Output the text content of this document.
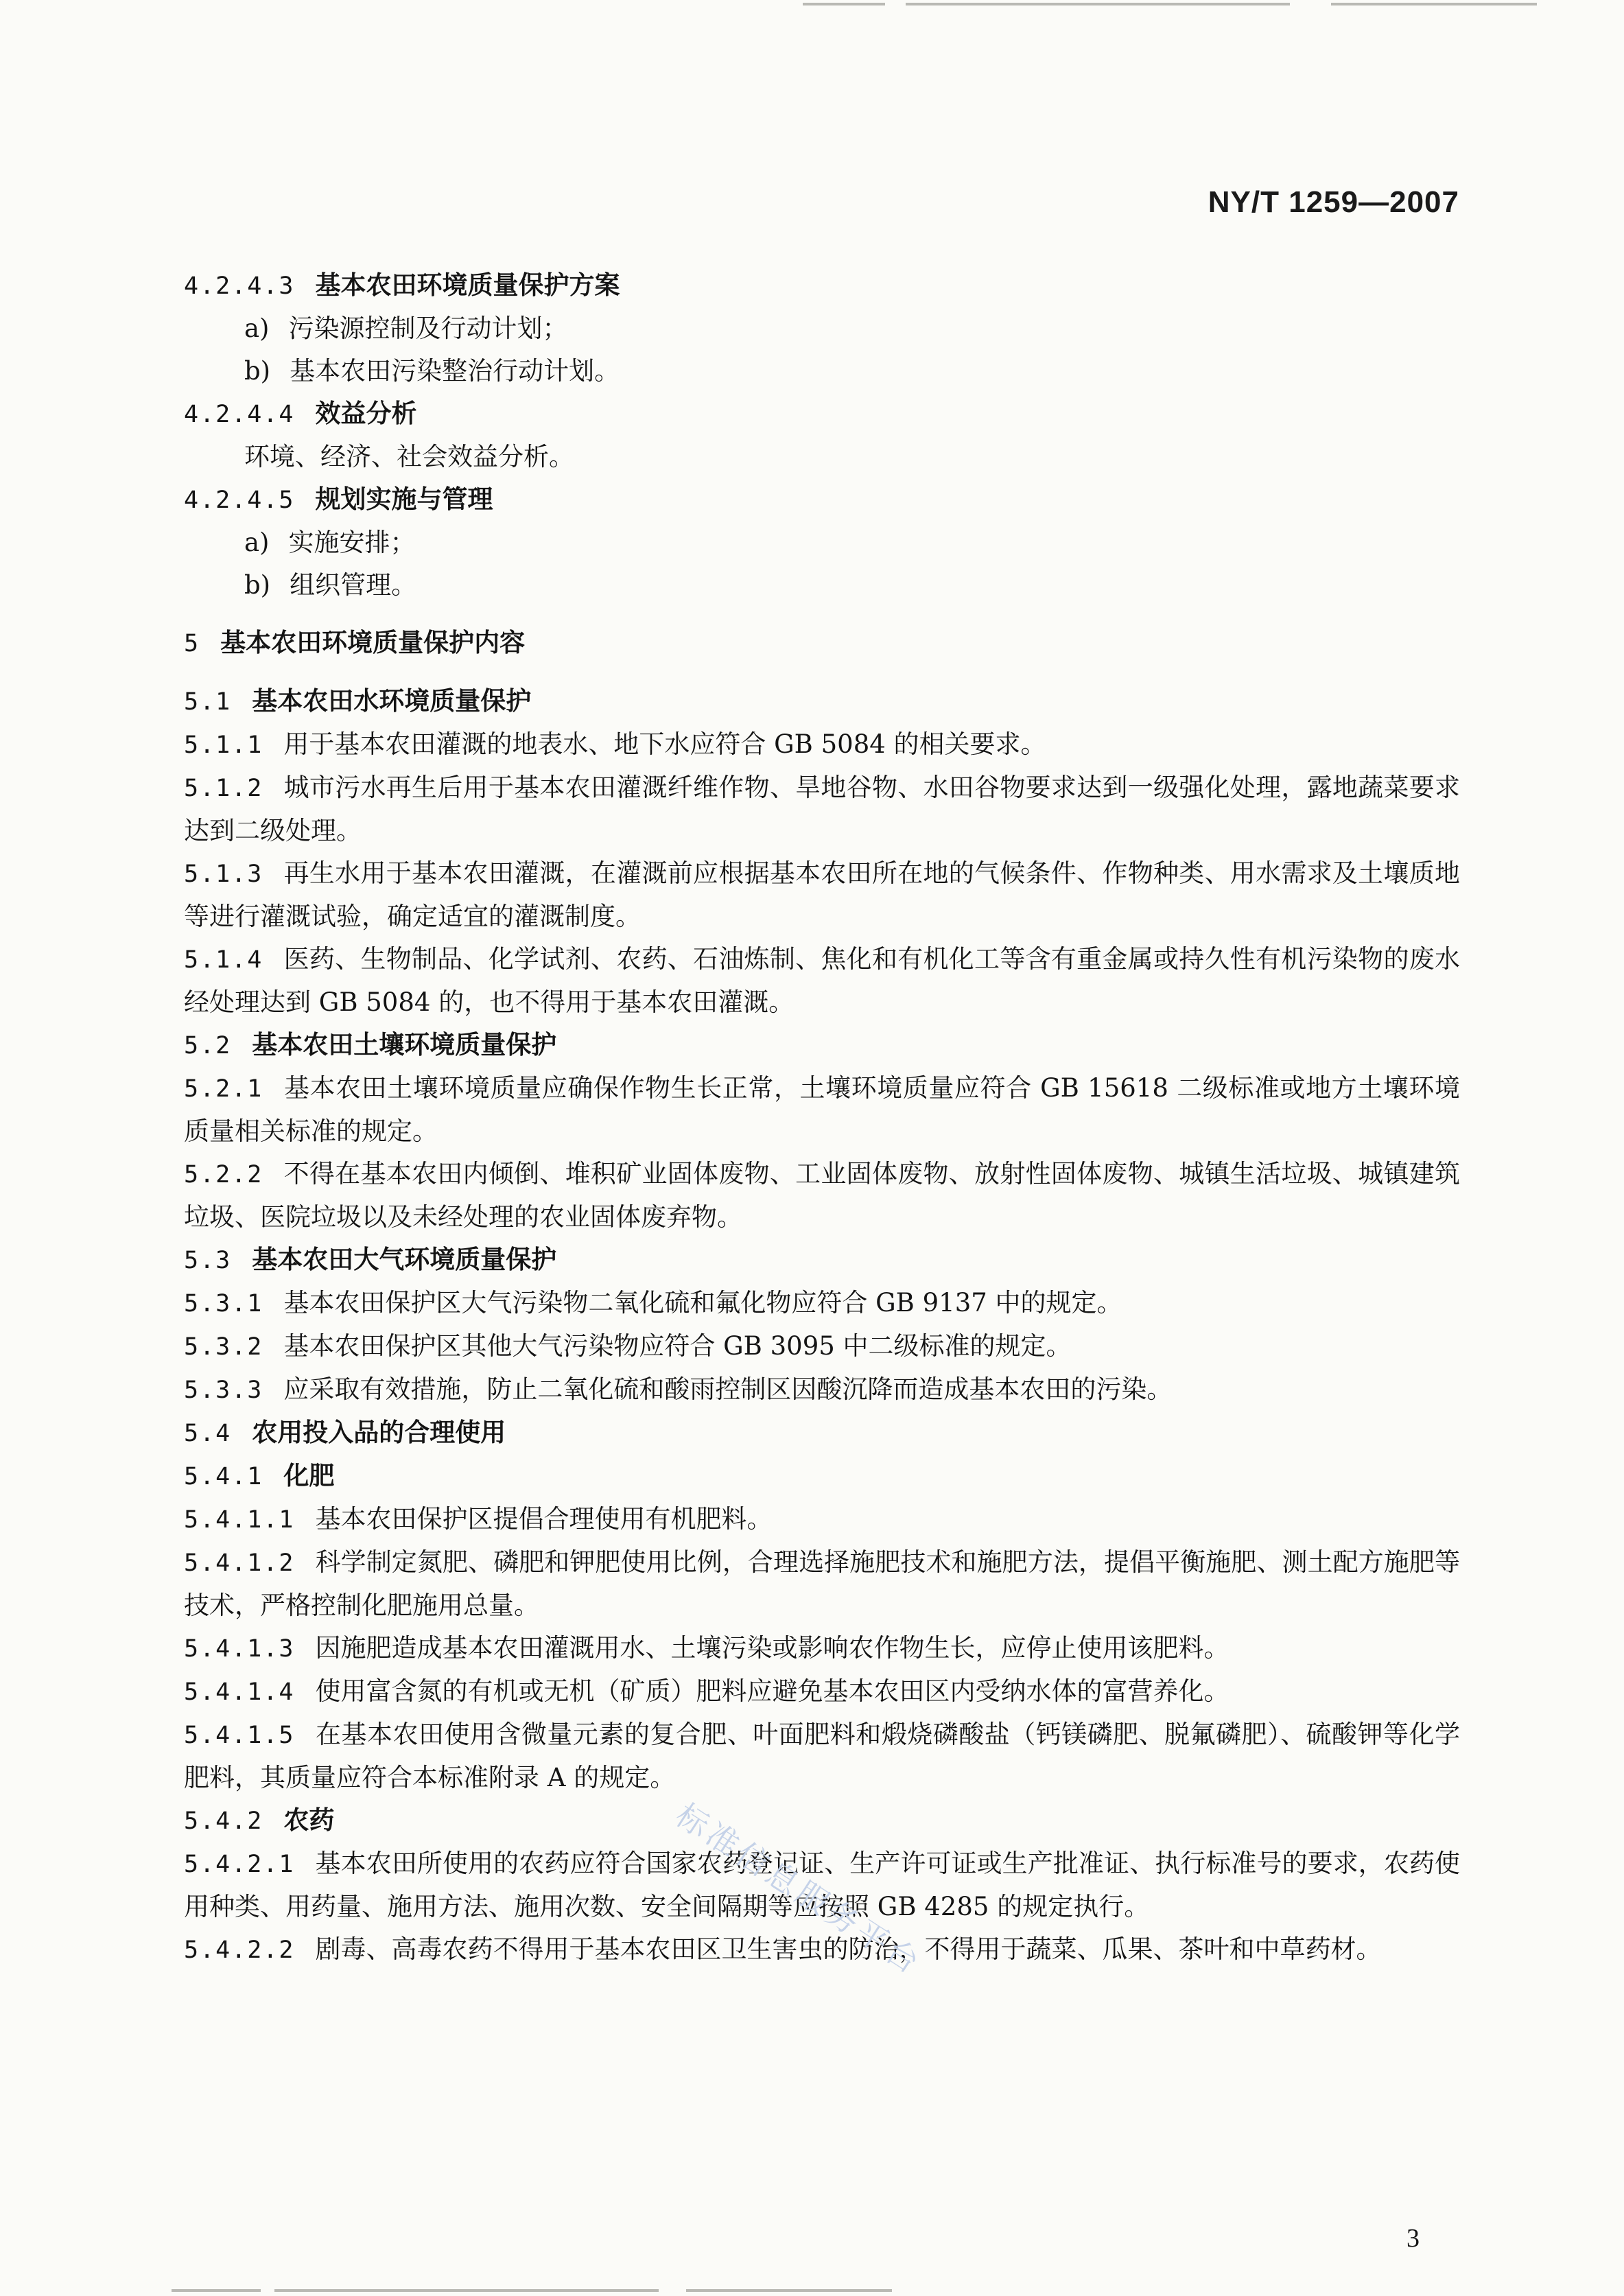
NY/T 1259—2007
4.2.4.3 基本农田环境质量保护方案
a) 污染源控制及行动计划；
b) 基本农田污染整治行动计划。
4.2.4.4 效益分析
环境、经济、社会效益分析。
4.2.4.5 规划实施与管理
a) 实施安排；
b) 组织管理。
5 基本农田环境质量保护内容
5.1 基本农田水环境质量保护
5.1.1 用于基本农田灌溉的地表水、地下水应符合 GB 5084 的相关要求。
5.1.2 城市污水再生后用于基本农田灌溉纤维作物、旱地谷物、水田谷物要求达到一级强化处理，露地蔬菜要求达到二级处理。
5.1.3 再生水用于基本农田灌溉，在灌溉前应根据基本农田所在地的气候条件、作物种类、用水需求及土壤质地等进行灌溉试验，确定适宜的灌溉制度。
5.1.4 医药、生物制品、化学试剂、农药、石油炼制、焦化和有机化工等含有重金属或持久性有机污染物的废水经处理达到 GB 5084 的，也不得用于基本农田灌溉。
5.2 基本农田土壤环境质量保护
5.2.1 基本农田土壤环境质量应确保作物生长正常，土壤环境质量应符合 GB 15618 二级标准或地方土壤环境质量相关标准的规定。
5.2.2 不得在基本农田内倾倒、堆积矿业固体废物、工业固体废物、放射性固体废物、城镇生活垃圾、城镇建筑垃圾、医院垃圾以及未经处理的农业固体废弃物。
5.3 基本农田大气环境质量保护
5.3.1 基本农田保护区大气污染物二氧化硫和氟化物应符合 GB 9137 中的规定。
5.3.2 基本农田保护区其他大气污染物应符合 GB 3095 中二级标准的规定。
5.3.3 应采取有效措施，防止二氧化硫和酸雨控制区因酸沉降而造成基本农田的污染。
5.4 农用投入品的合理使用
5.4.1 化肥
5.4.1.1 基本农田保护区提倡合理使用有机肥料。
5.4.1.2 科学制定氮肥、磷肥和钾肥使用比例，合理选择施肥技术和施肥方法，提倡平衡施肥、测土配方施肥等技术，严格控制化肥施用总量。
5.4.1.3 因施肥造成基本农田灌溉用水、土壤污染或影响农作物生长，应停止使用该肥料。
5.4.1.4 使用富含氮的有机或无机（矿质）肥料应避免基本农田区内受纳水体的富营养化。
5.4.1.5 在基本农田使用含微量元素的复合肥、叶面肥料和煅烧磷酸盐（钙镁磷肥、脱氟磷肥）、硫酸钾等化学肥料，其质量应符合本标准附录 A 的规定。
5.4.2 农药
5.4.2.1 基本农田所使用的农药应符合国家农药登记证、生产许可证或生产批准证、执行标准号的要求，农药使用种类、用药量、施用方法、施用次数、安全间隔期等应按照 GB 4285 的规定执行。
5.4.2.2 剧毒、高毒农药不得用于基本农田区卫生害虫的防治，不得用于蔬菜、瓜果、茶叶和中草药材。
标准信息服务平台
3
